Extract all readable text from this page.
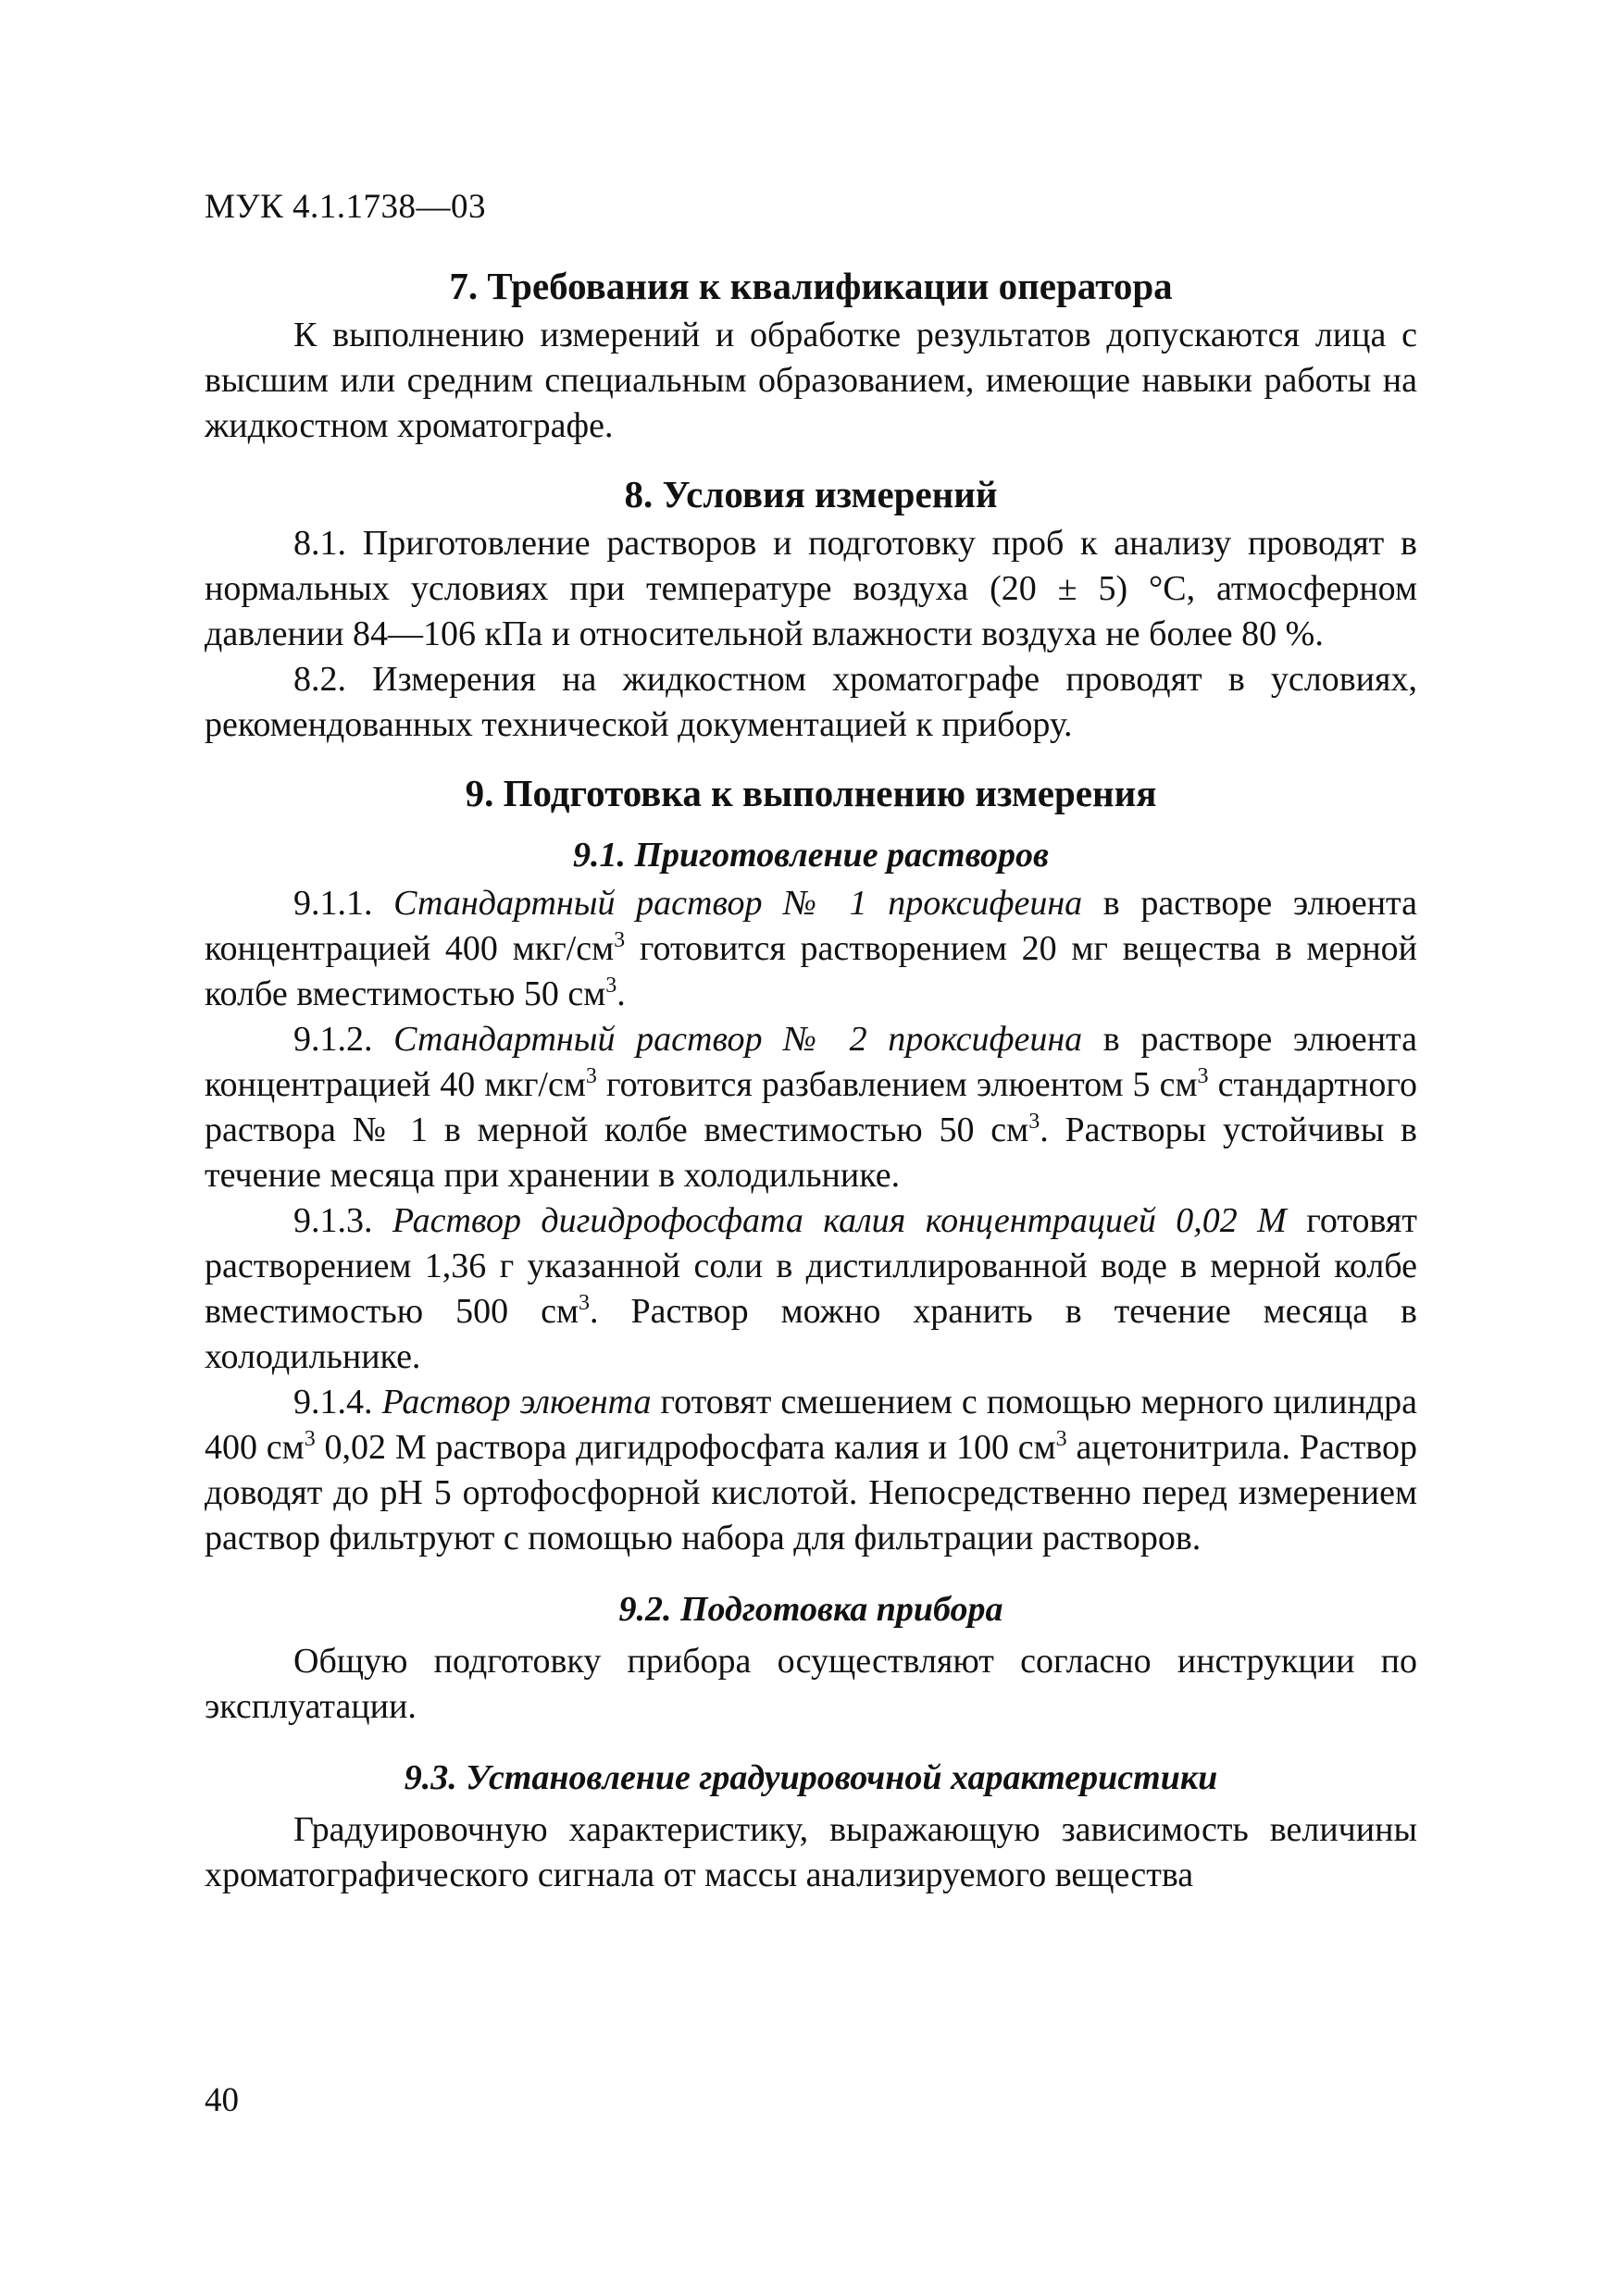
МУК 4.1.1738—03
7. Требования к квалификации оператора

К выполнению измерений и обработке результатов допускаются лица с высшим или средним специальным образованием, имеющие навыки работы на жидкостном хроматографе.

8. Условия измерений

8.1. Приготовление растворов и подготовку проб к анализу проводят в нормальных условиях при температуре воздуха (20 ± 5) °С, атмосферном давлении 84—106 кПа и относительной влажности воздуха не более 80 %.

8.2. Измерения на жидкостном хроматографе проводят в условиях, рекомендованных технической документацией к прибору.

9. Подготовка к выполнению измерения
9.1. Приготовление растворов

9.1.1. Стандартный раствор № 1 проксифеина в растворе элюента концентрацией 400 мкг/$см^3$ готовится растворением 20 мг вещества в мерной колбе вместимостью 50 $см^3$.

9.1.2. Стандартный раствор № 2 проксифеина в растворе элюента концентрацией 40 мкг/$см^3$ готовится разбавлением элюентом 5 $см^3$ стандартного раствора № 1 в мерной колбе вместимостью 50 $см^3$. Растворы устойчивы в течение месяца при хранении в холодильнике.

9.1.3. Раствор дигидрофосфата калия концентрацией 0,02 М готовят растворением 1,36 г указанной соли в дистиллированной воде в мерной колбе вместимостью 500 $см^3$. Раствор можно хранить в течение месяца в холодильнике.

9.1.4. Раствор элюента готовят смешением с помощью мерного цилиндра 400 $см^3$ 0,02 М раствора дигидрофосфата калия и 100 $см^3$ ацетонитрила. Раствор доводят до pH 5 ортофосфорной кислотой. Непосредственно перед измерением раствор фильтруют с помощью набора для фильтрации растворов.

9.2. Подготовка прибора

Общую подготовку прибора осуществляют согласно инструкции по эксплуатации.

9.3. Установление градуировочной характеристики

Градуировочную характеристику, выражающую зависимость величины хроматографического сигнала от массы анализируемого вещества

40
